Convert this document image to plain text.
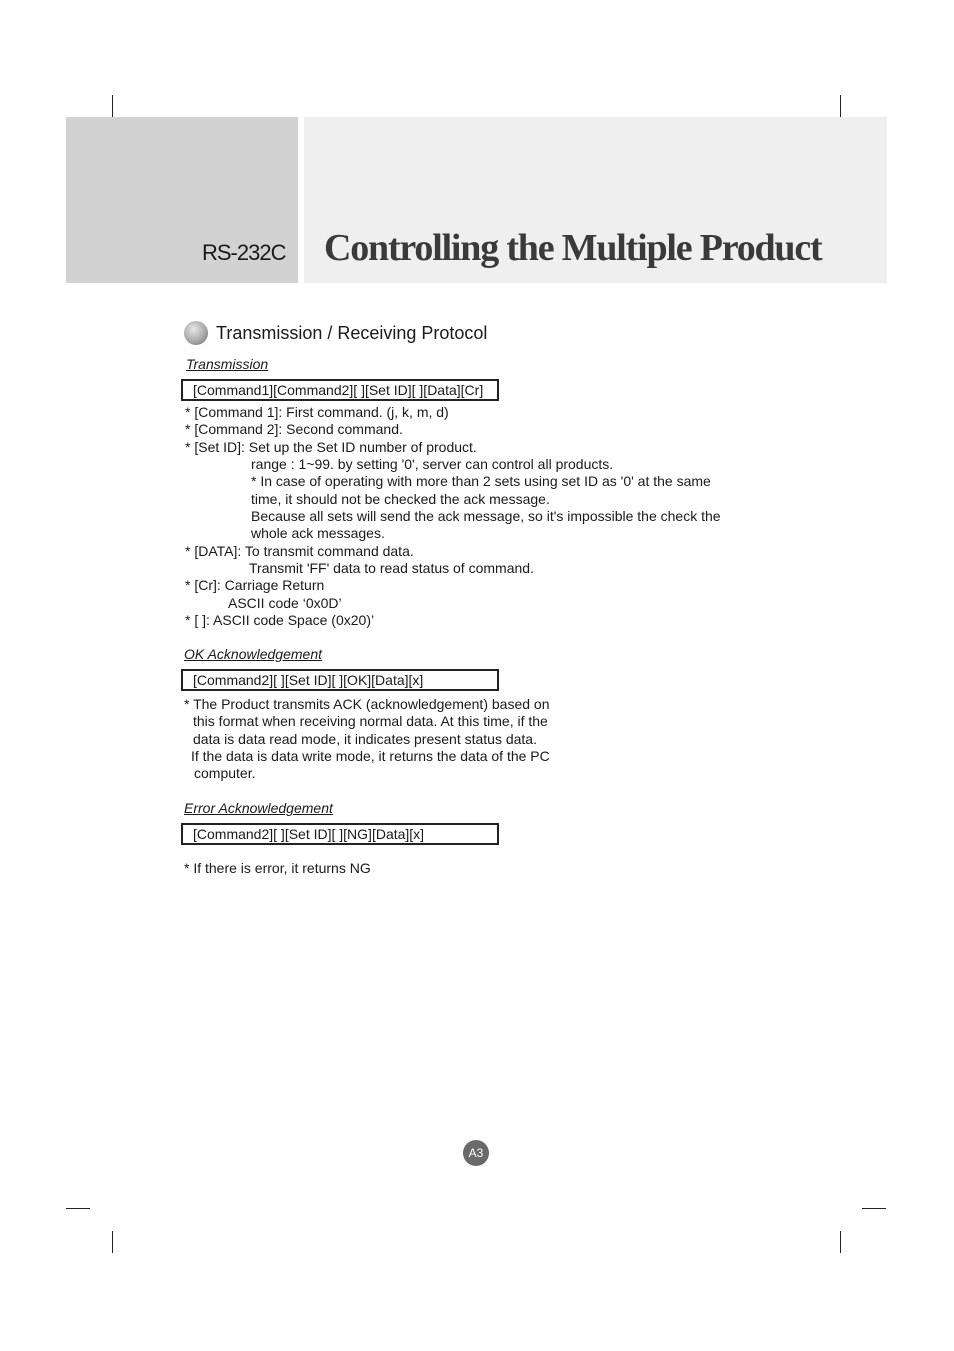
RS-232C Controlling the Multiple Product
Transmission / Receiving Protocol
Transmission
[Command1][Command2][ ][Set ID][ ][Data][Cr]
* [Command 1]: First command. (j, k, m, d)
* [Command 2]: Second command.
* [Set ID]: Set up the Set ID number of product.
range : 1~99. by setting '0', server can control all products.
* In case of operating with more than 2 sets using set ID as '0' at the same
time, it should not be checked the ack message.
Because all sets will send the ack message, so it's impossible the check the
whole ack messages.
* [DATA]: To transmit command data.
Transmit 'FF' data to read status of command.
* [Cr]: Carriage Return
ASCII code ‘0x0D’
* [ ]: ASCII code Space (0x20)’
OK Acknowledgement
[Command2][ ][Set ID][ ][OK][Data][x]
* The Product transmits ACK (acknowledgement) based on
this format when receiving normal data. At this time, if the
data is data read mode, it indicates present status data.
If the data is data write mode, it returns the data of the PC
computer.
Error Acknowledgement
[Command2][ ][Set ID][ ][NG][Data][x]
* If there is error, it returns NG
A3
